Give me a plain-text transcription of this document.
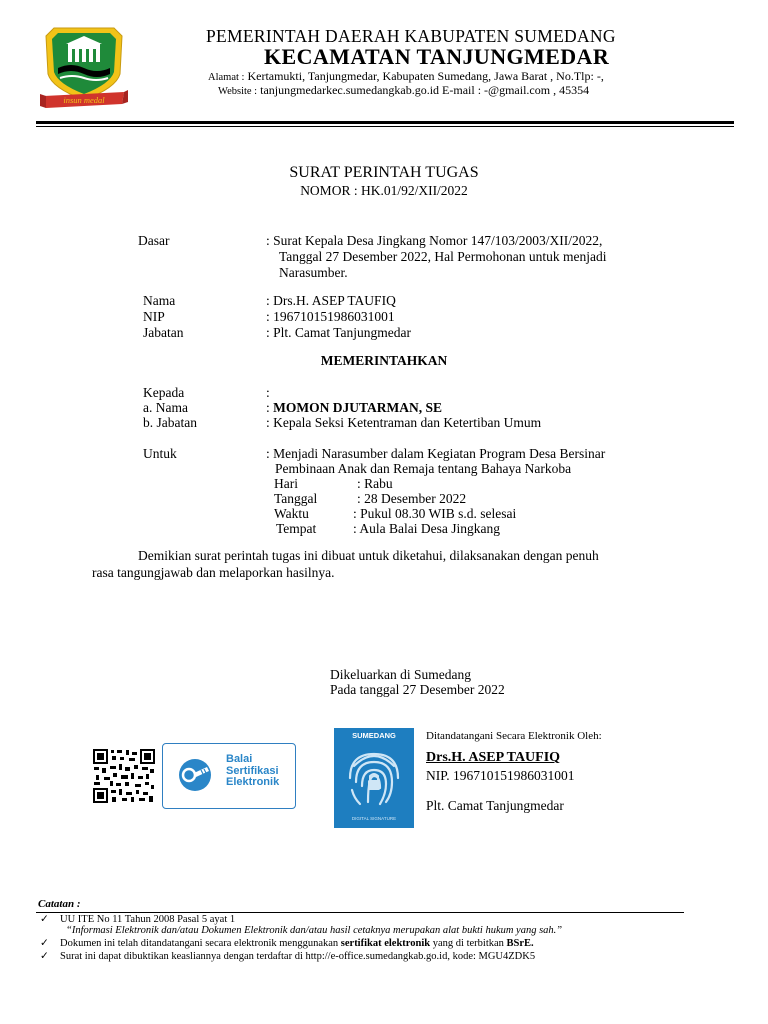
insun medal
PEMERINTAH DAERAH KABUPATEN SUMEDANG
KECAMATAN TANJUNGMEDAR
Alamat : Kertamukti, Tanjungmedar, Kabupaten Sumedang, Jawa Barat , No.Tlp: -,
Website : tanjungmedarkec.sumedangkab.go.id E-mail : -@gmail.com , 45354
SURAT PERINTAH TUGAS
NOMOR : HK.01/92/XII/2022
Dasar	: Surat Kepala Desa Jingkang Nomor 147/103/2003/XII/2022,
Tanggal 27 Desember 2022, Hal Permohonan untuk menjadi
Narasumber.
Nama	: Drs.H. ASEP TAUFIQ
NIP	: 196710151986031001
Jabatan	: Plt. Camat Tanjungmedar
MEMERINTAHKAN
Kepada	:
a. Nama	: MOMON DJUTARMAN, SE
b. Jabatan	: Kepala Seksi Ketentraman dan Ketertiban Umum
Untuk	: Menjadi Narasumber dalam Kegiatan Program Desa Bersinar
Pembinaan Anak dan Remaja tentang Bahaya Narkoba
Hari	: Rabu
Tanggal	: 28 Desember 2022
Waktu	: Pukul 08.30 WIB s.d. selesai
Tempat	: Aula Balai Desa Jingkang
Demikian surat perintah tugas ini dibuat untuk diketahui, dilaksanakan dengan penuh
rasa tangungjawab dan melaporkan hasilnya.
Dikeluarkan di Sumedang
Pada tanggal 27 Desember 2022
Balai
Sertifikasi
Elektronik
SUMEDANG
DIGITAL SIGNATURE
Ditandatangani Secara Elektronik Oleh:
Drs.H. ASEP TAUFIQ
NIP. 196710151986031001
Plt. Camat Tanjungmedar
Catatan :
✓ UU ITE No 11 Tahun 2008 Pasal 5 ayat 1
“Informasi Elektronik dan/atau Dokumen Elektronik dan/atau hasil cetaknya merupakan alat bukti hukum yang sah.”
✓ Dokumen ini telah ditandatangani secara elektronik menggunakan sertifikat elektronik yang di terbitkan BSrE.
✓ Surat ini dapat dibuktikan keasliannya dengan terdaftar di http://e-office.sumedangkab.go.id, kode: MGU4ZDK5
